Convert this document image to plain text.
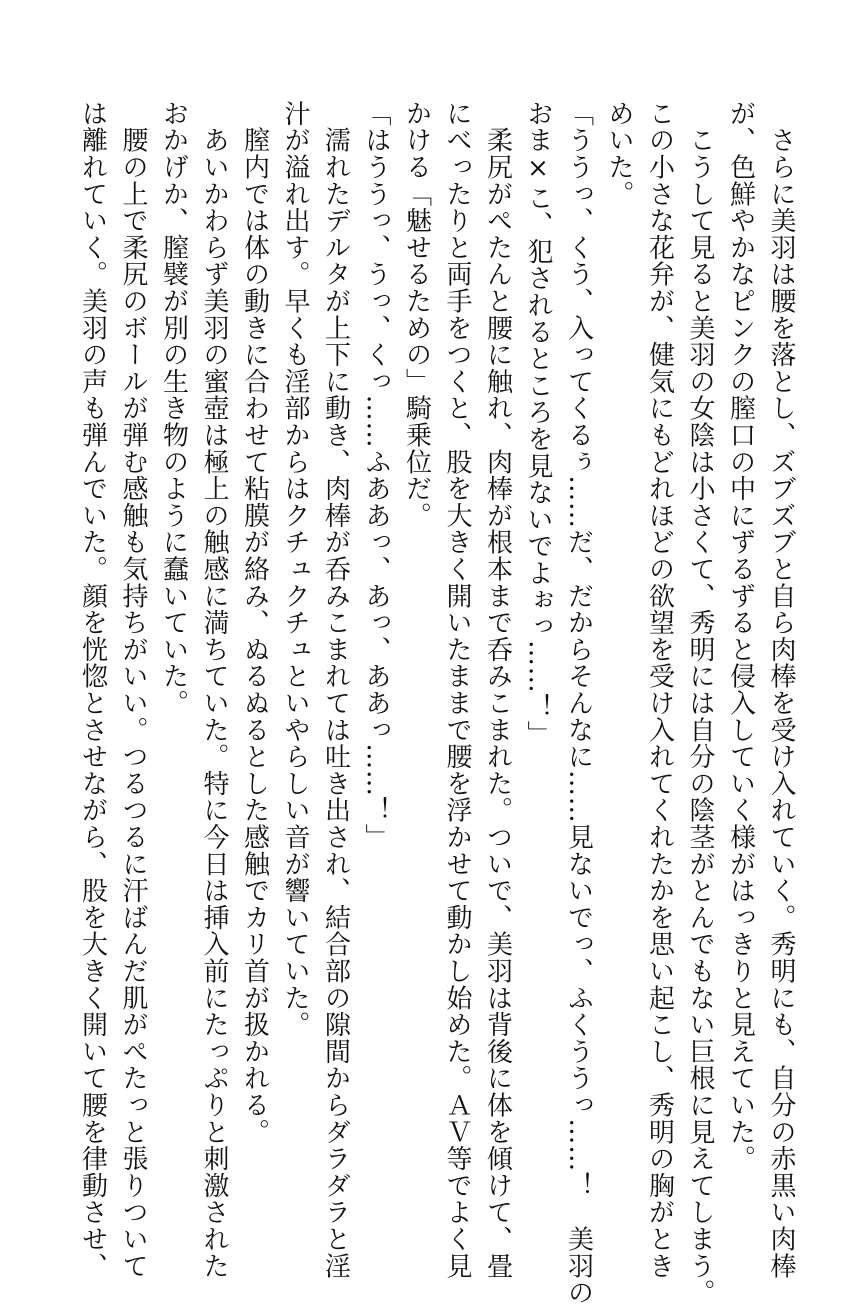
　さらに美羽は腰を落とし、ズブズブと自ら肉棒を受け入れていく。秀明にも、自分の赤黒い肉棒
が、色鮮やかなピンクの膣口の中にずるずると侵入していく様がはっきりと見えていた。
　こうして見ると美羽の女陰は小さくて、秀明には自分の陰茎がとんでもない巨根に見えてしまう。
この小さな花弁が、健気にもどれほどの欲望を受け入れてくれたかを思い起こし、秀明の胸がとき
めいた。
「ううっ、くう、入ってくるぅ……だ、だからそんなに……見ないでっ、ふくううっ……！　美羽の
おま×こ、犯されるところを見ないでよぉっ……！」
　柔尻がぺたんと腰に触れ、肉棒が根本まで呑みこまれた。ついで、美羽は背後に体を傾けて、畳
にべったりと両手をつくと、股を大きく開いたままで腰を浮かせて動かし始めた。ＡＶ等でよく見
かける「魅せるための」騎乗位だ。
「はううっ、うっ、くっ……ふああっ、あっ、ああっ……！」
　濡れたデルタが上下に動き、肉棒が呑みこまれては吐き出され、結合部の隙間からダラダラと淫
汁が溢れ出す。早くも淫部からはクチュクチュといやらしい音が響いていた。
　膣内では体の動きに合わせて粘膜が絡み、ぬるぬるとした感触でカリ首が扱かれる。
　あいかわらず美羽の蜜壺は極上の触感に満ちていた。特に今日は挿入前にたっぷりと刺激された
おかげか、膣襞が別の生き物のように蠢いていた。
　腰の上で柔尻のボールが弾む感触も気持ちがいい。つるつるに汗ばんだ肌がぺたっと張りついて
は離れていく。美羽の声も弾んでいた。顔を恍惚とさせながら、股を大きく開いて腰を律動させ、
